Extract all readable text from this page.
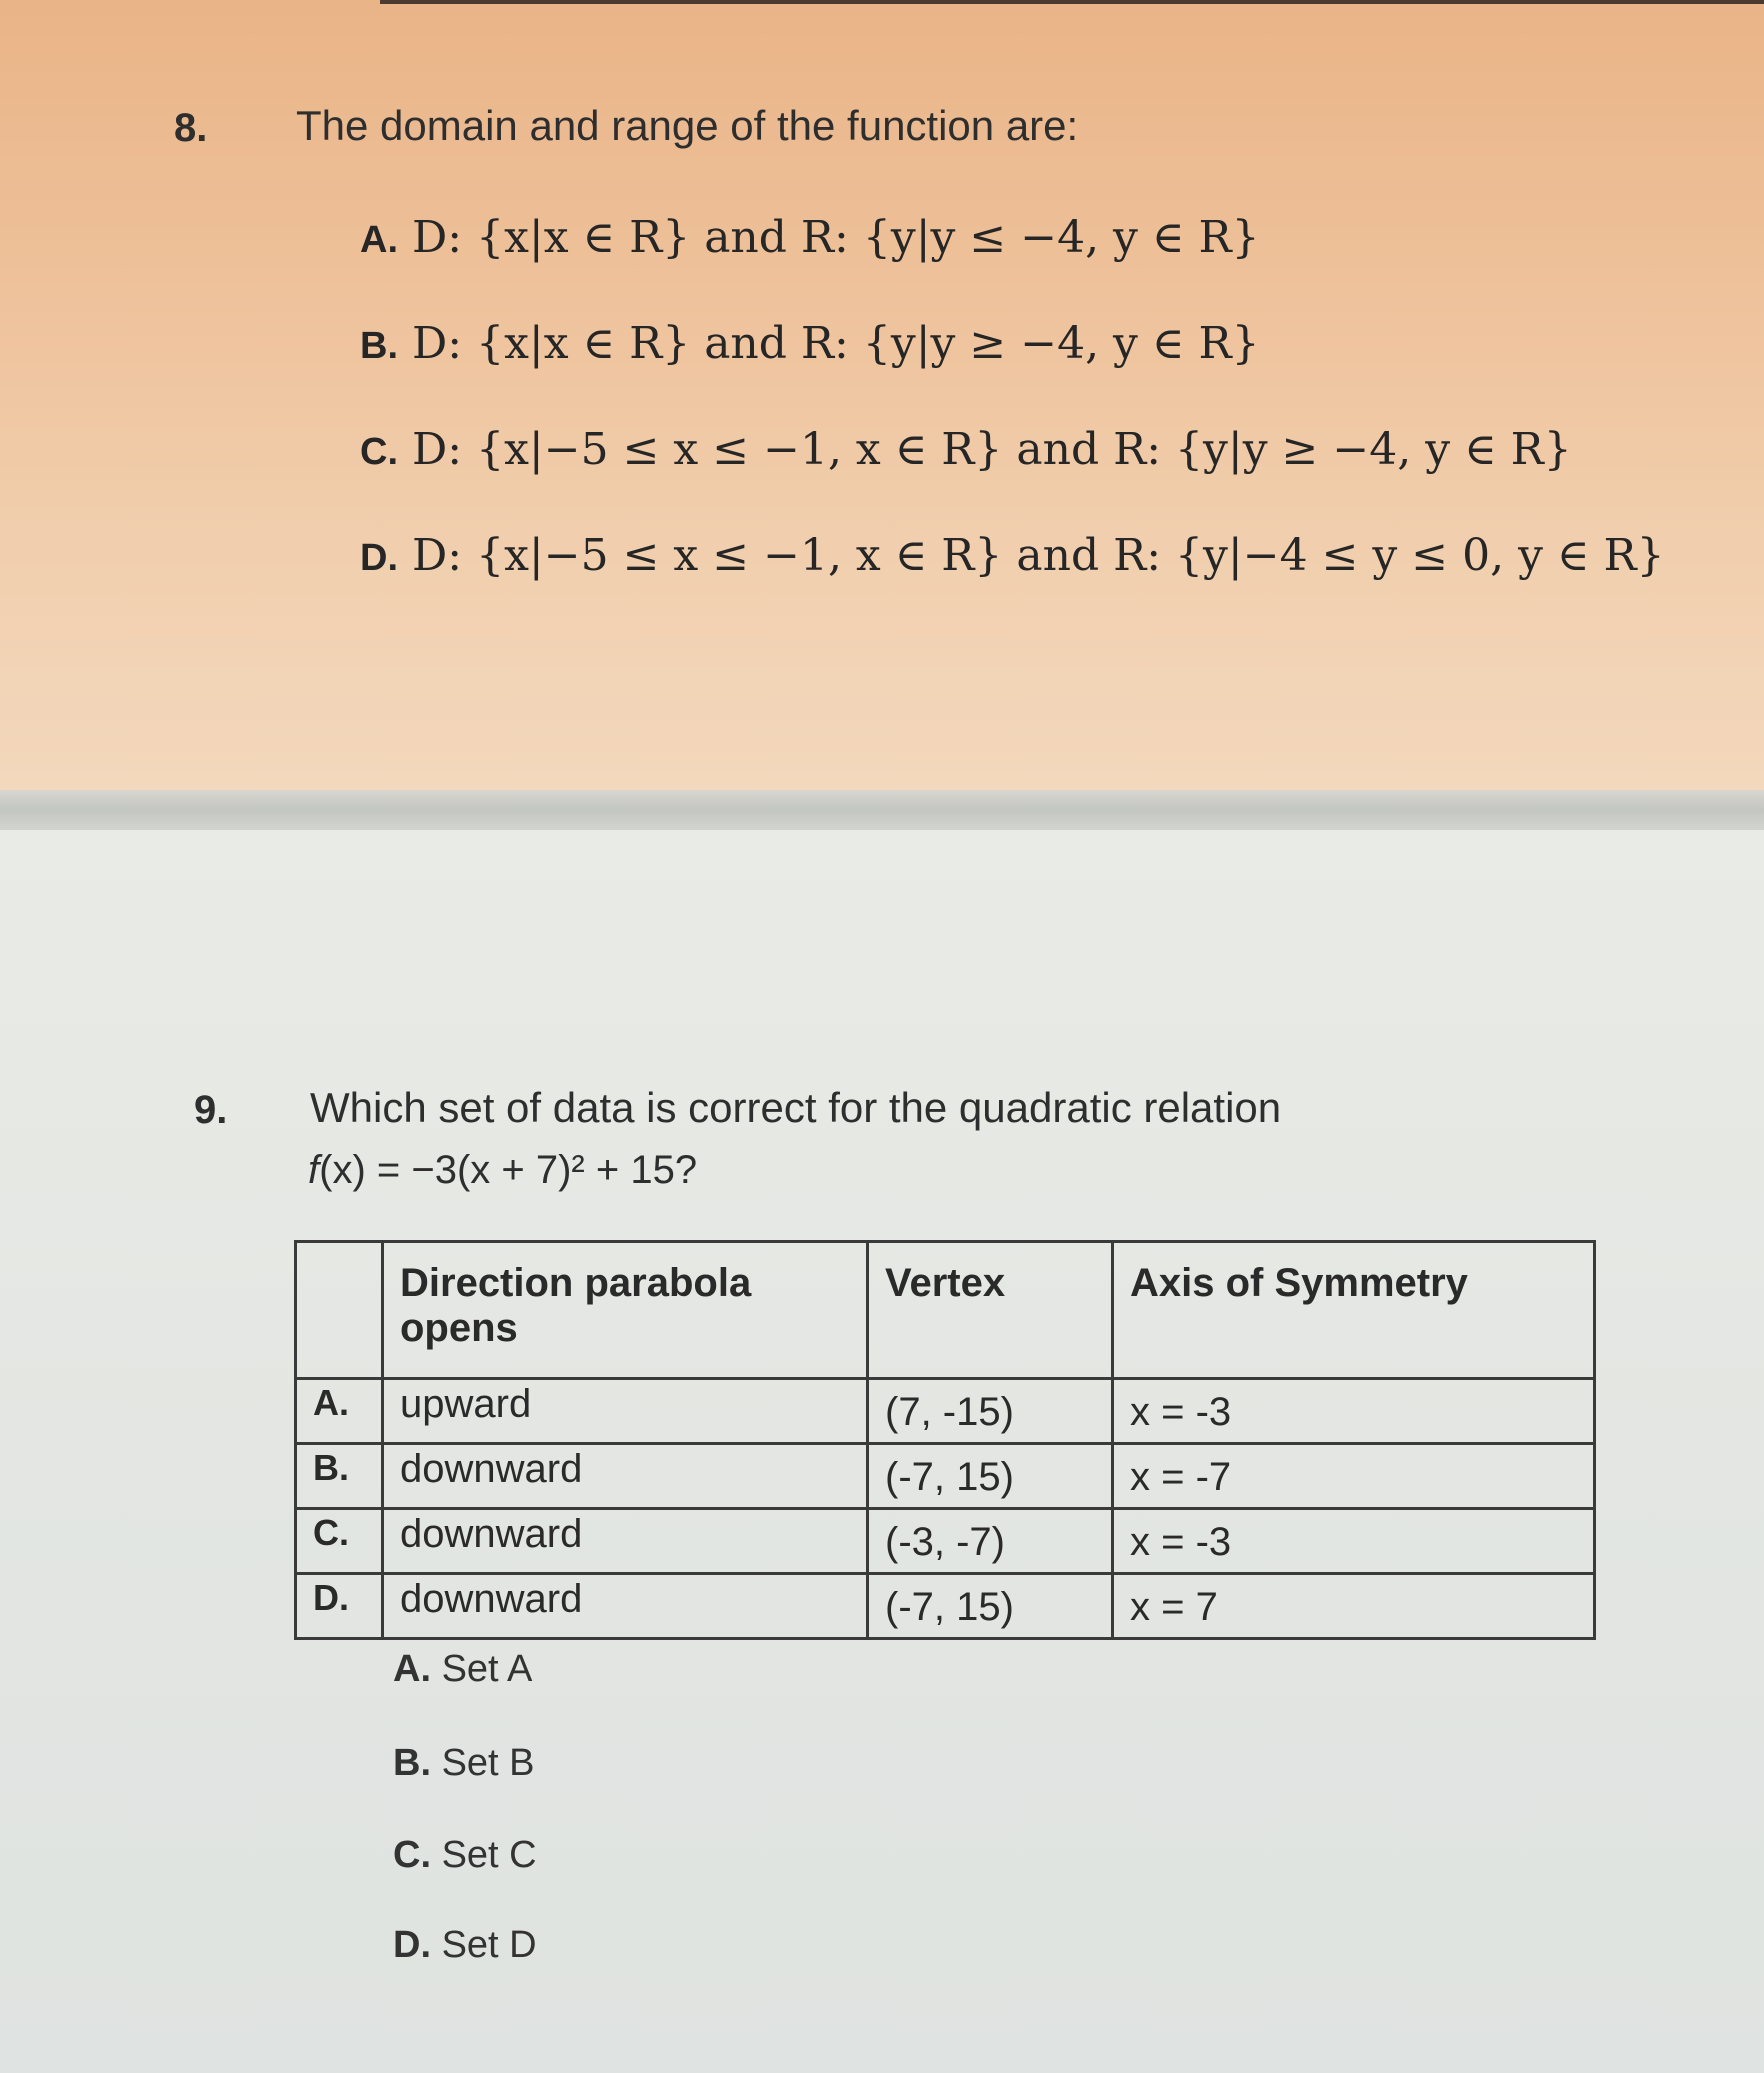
8. The domain and range of the function are:
A. D: {x|x ∈ R} and R: {y|y ≤ −4, y ∈ R}
B. D: {x|x ∈ R} and R: {y|y ≥ −4, y ∈ R}
C. D: {x|−5 ≤ x ≤ −1, x ∈ R} and R: {y|y ≥ −4, y ∈ R}
D. D: {x|−5 ≤ x ≤ −1, x ∈ R} and R: {y|−4 ≤ y ≤ 0, y ∈ R}
9. Which set of data is correct for the quadratic relation
f(x) = −3(x + 7)² + 15?
	Direction parabola opens	Vertex	Axis of Symmetry
A.	upward	(7, -15)	x = -3
B.	downward	(-7, 15)	x = -7
C.	downward	(-3, -7)	x = -3
D.	downward	(-7, 15)	x = 7
A. Set A
B. Set B
C. Set C
D. Set D
